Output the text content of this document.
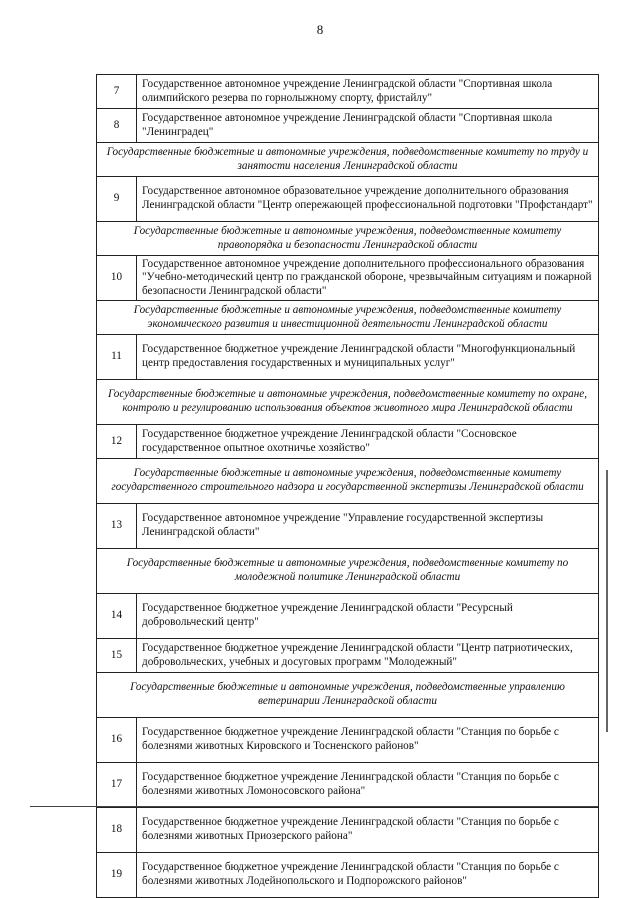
8
7	Государственное автономное учреждение Ленинградской области "Спортивная школа олимпийского резерва по горнолыжному спорту, фристайлу"
8	Государственное автономное учреждение Ленинградской области "Спортивная школа "Ленинградец"
Государственные бюджетные и автономные учреждения, подведомственные комитету по труду и занятости населения Ленинградской области	
9	Государственное автономное образовательное учреждение дополнительного образования Ленинградской области "Центр опережающей профессиональной подготовки "Профстандарт"
Государственные бюджетные и автономные учреждения, подведомственные комитету правопорядка и безопасности Ленинградской области	
10	Государственное автономное учреждение дополнительного профессионального образования "Учебно-методический центр по гражданской обороне, чрезвычайным ситуациям и пожарной безопасности Ленинградской области"
Государственные бюджетные и автономные учреждения, подведомственные комитету экономического развития и инвестиционной деятельности Ленинградской области	
11	Государственное бюджетное учреждение Ленинградской области "Многофункциональный центр предоставления государственных и муниципальных услуг"
Государственные бюджетные и автономные учреждения, подведомственные комитету по охране, контролю и регулированию использования объектов животного мира Ленинградской области	
12	Государственное бюджетное учреждение Ленинградской области "Сосновское государственное опытное охотничье хозяйство"
Государственные бюджетные и автономные учреждения, подведомственные комитету государственного строительного надзора и государственной экспертизы Ленинградской области	
13	Государственное автономное учреждение "Управление государственной экспертизы Ленинградской области"
Государственные бюджетные и автономные учреждения, подведомственные комитету по молодежной политике Ленинградской области	
14	Государственное бюджетное учреждение Ленинградской области "Ресурсный добровольческий центр"
15	Государственное бюджетное учреждение Ленинградской области "Центр патриотических, добровольческих, учебных и досуговых программ "Молодежный"
Государственные бюджетные и автономные учреждения, подведомственные управлению ветеринарии Ленинградской области	
16	Государственное бюджетное учреждение Ленинградской области "Станция по борьбе с болезнями животных Кировского и Тосненского районов"
17	Государственное бюджетное учреждение Ленинградской области "Станция по борьбе с болезнями животных Ломоносовского района"
18	Государственное бюджетное учреждение Ленинградской области "Станция по борьбе с болезнями животных Приозерского района"
19	Государственное бюджетное учреждение Ленинградской области "Станция по борьбе с болезнями животных Лодейнопольского и Подпорожского районов"
